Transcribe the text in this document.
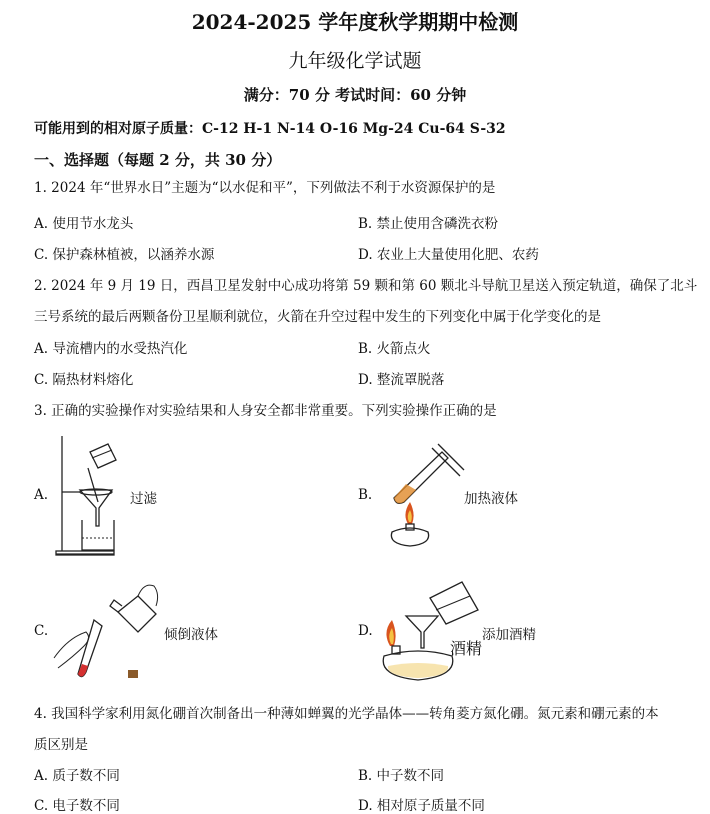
2024-2025 学年度秋学期期中检测
九年级化学试题
满分：70 分 考试时间：60 分钟
可能用到的相对原子质量：C-12 H-1 N-14 O-16 Mg-24 Cu-64 S-32
一、选择题（每题 2 分，共 30 分）
1. 2024 年“世界水日”主题为“以水促和平”，下列做法不利于水资源保护的是
A. 使用节水龙头	B. 禁止使用含磷洗衣粉
C. 保护森林植被，以涵养水源	D. 农业上大量使用化肥、农药
2. 2024 年 9 月 19 日，西昌卫星发射中心成功将第 59 颗和第 60 颗北斗导航卫星送入预定轨道，确保了北斗
三号系统的最后两颗备份卫星顺利就位，火箭在升空过程中发生的下列变化中属于化学变化的是
A. 导流槽内的水受热汽化	B. 火箭点火
C. 隔热材料熔化	D. 整流罩脱落
3. 正确的实验操作对实验结果和人身安全都非常重要。下列实验操作正确的是
A.	过滤	B.	加热液体
C.	倾倒液体	D.
酒精
添加酒精
4. 我国科学家利用氮化硼首次制备出一种薄如蝉翼的光学晶体——转角菱方氮化硼。氮元素和硼元素的本
质区别是
A. 质子数不同	B. 中子数不同
C. 电子数不同	D. 相对原子质量不同
